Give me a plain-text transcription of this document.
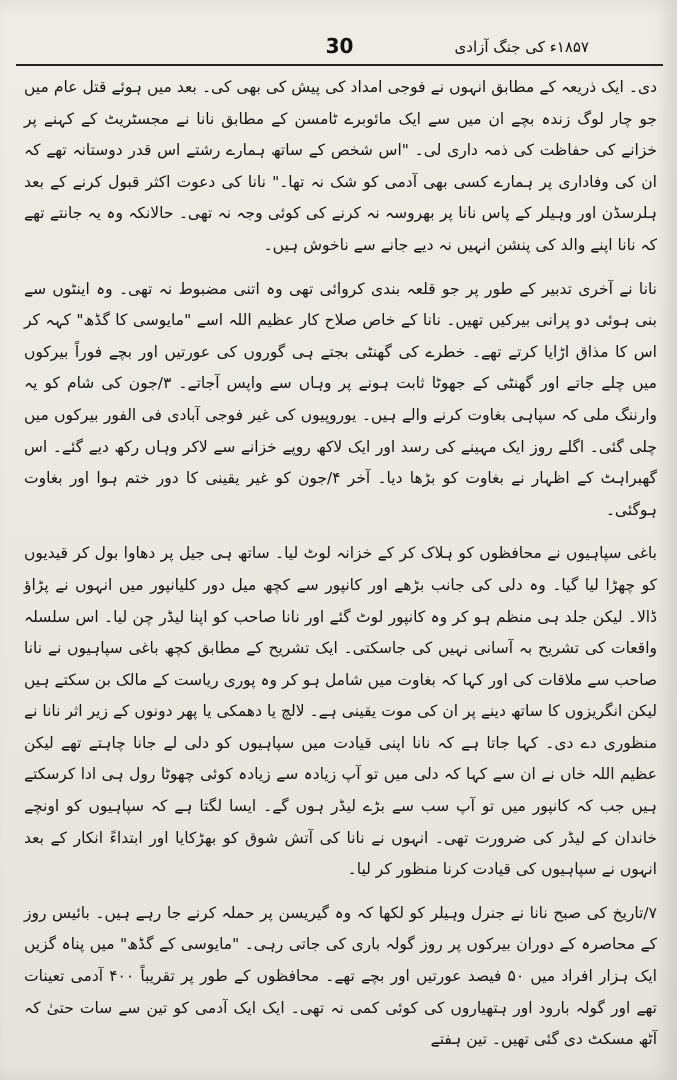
30	۱۸۵۷ء کی جنگ آزادی

دی۔ ایک ذریعہ کے مطابق انہوں نے فوجی امداد کی پیش کی بھی کی۔ بعد میں ہوئے قتل عام میں جو چار لوگ زندہ بچے ان میں سے ایک مائوبرے ٹامسن کے مطابق نانا نے مجسٹریٹ کے کہنے پر خزانے کی حفاظت کی ذمہ داری لی۔ "اس شخص کے ساتھ ہمارے رشتے اس قدر دوستانہ تھے کہ ان کی وفاداری پر ہمارے کسی بھی آدمی کو شک نہ تھا۔" نانا کی دعوت اکثر قبول کرنے کے بعد ہلرسڈن اور وہیلر کے پاس نانا پر بھروسہ نہ کرنے کی کوئی وجہ نہ تھی۔ حالانکہ وہ یہ جانتے تھے کہ نانا اپنے والد کی پنشن انہیں نہ دیے جانے سے ناخوش ہیں۔

نانا نے آخری تدبیر کے طور پر جو قلعہ بندی کروائی تھی وہ اتنی مضبوط نہ تھی۔ وہ اینٹوں سے بنی ہوئی دو پرانی بیرکیں تھیں۔ نانا کے خاص صلاح کار عظیم اللہ اسے "مایوسی کا گڈھ" کہہ کر اس کا مذاق اڑایا کرتے تھے۔ خطرے کی گھنٹی بجتے ہی گوروں کی عورتیں اور بچے فوراً بیرکوں میں چلے جاتے اور گھنٹی کے جھوٹا ثابت ہونے پر وہاں سے واپس آجاتے۔ ۳/جون کی شام کو یہ وارننگ ملی کہ سپاہی بغاوت کرنے والے ہیں۔ یوروپیوں کی غیر فوجی آبادی فی الفور بیرکوں میں چلی گئی۔ اگلے روز ایک مہینے کی رسد اور ایک لاکھ روپے خزانے سے لاکر وہاں رکھ دیے گئے۔ اس گھبراہٹ کے اظہار نے بغاوت کو بڑھا دیا۔ آخر ۴/جون کو غیر یقینی کا دور ختم ہوا اور بغاوت ہوگئی۔

باغی سپاہیوں نے محافظوں کو ہلاک کر کے خزانہ لوٹ لیا۔ ساتھ ہی جیل پر دھاوا بول کر قیدیوں کو چھڑا لیا گیا۔ وہ دلی کی جانب بڑھے اور کانپور سے کچھ میل دور کلیانپور میں انہوں نے پڑاؤ ڈالا۔ لیکن جلد ہی منظم ہو کر وہ کانپور لوٹ گئے اور نانا صاحب کو اپنا لیڈر چن لیا۔ اس سلسلہ واقعات کی تشریح بہ آسانی نہیں کی جاسکتی۔ ایک تشریح کے مطابق کچھ باغی سپاہیوں نے نانا صاحب سے ملاقات کی اور کہا کہ بغاوت میں شامل ہو کر وہ پوری ریاست کے مالک بن سکتے ہیں لیکن انگریزوں کا ساتھ دینے پر ان کی موت یقینی ہے۔ لالچ یا دھمکی یا پھر دونوں کے زیر اثر نانا نے منظوری دے دی۔ کہا جاتا ہے کہ نانا اپنی قیادت میں سپاہیوں کو دلی لے جانا چاہتے تھے لیکن عظیم اللہ خاں نے ان سے کہا کہ دلی میں تو آپ زیادہ سے زیادہ کوئی چھوٹا رول ہی ادا کرسکتے ہیں جب کہ کانپور میں تو آپ سب سے بڑے لیڈر ہوں گے۔ ایسا لگتا ہے کہ سپاہیوں کو اونچے خاندان کے لیڈر کی ضرورت تھی۔ انہوں نے نانا کی آتش شوق کو بھڑکایا اور ابتداءً انکار کے بعد انہوں نے سپاہیوں کی قیادت کرنا منظور کر لیا۔

۷/تاریخ کی صبح نانا نے جنرل وہیلر کو لکھا کہ وہ گیریسن پر حملہ کرنے جا رہے ہیں۔ بائیس روز کے محاصرہ کے دوران بیرکوں پر روز گولہ باری کی جاتی رہی۔ "مایوسی کے گڈھ" میں پناہ گزیں ایک ہزار افراد میں ۵۰ فیصد عورتیں اور بچے تھے۔ محافظوں کے طور پر تقریباً ۴۰۰ آدمی تعینات تھے اور گولہ بارود اور ہتھیاروں کی کوئی کمی نہ تھی۔ ایک ایک آدمی کو تین سے سات حتیٰ کہ آٹھ مسکٹ دی گئی تھیں۔ تین ہفتے
